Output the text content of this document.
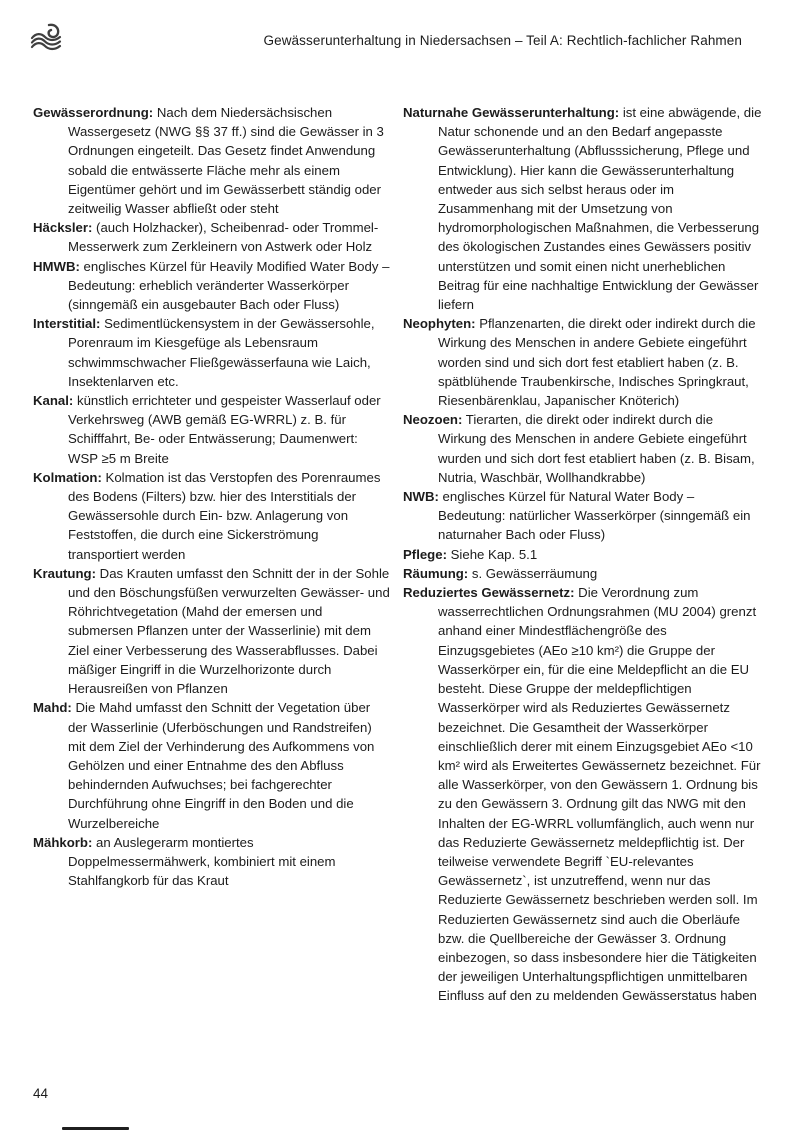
Gewässerunterhaltung in Niedersachsen – Teil A: Rechtlich-fachlicher Rahmen

Gewässerordnung: Nach dem Niedersächsischen Wassergesetz (NWG §§ 37 ff.) sind die Gewässer in 3 Ordnungen eingeteilt. Das Gesetz findet Anwendung sobald die entwässerte Fläche mehr als einem Eigentümer gehört und im Gewässerbett ständig oder zeitweilig Wasser abfließt oder steht

Häcksler: (auch Holzhacker), Scheibenrad- oder Trommel-Messerwerk zum Zerkleinern von Astwerk oder Holz

HMWB: englisches Kürzel für Heavily Modified Water Body – Bedeutung: erheblich veränderter Wasserkörper (sinngemäß ein ausgebauter Bach oder Fluss)

Interstitial: Sedimentlückensystem in der Gewässersohle, Porenraum im Kiesgefüge als Lebensraum schwimmschwacher Fließgewässerfauna wie Laich, Insektenlarven etc.

Kanal: künstlich errichteter und gespeister Wasserlauf oder Verkehrsweg (AWB gemäß EG-WRRL) z. B. für Schifffahrt, Be- oder Entwässerung; Daumenwert: WSP ≥5 m Breite

Kolmation: Kolmation ist das Verstopfen des Porenraumes des Bodens (Filters) bzw. hier des Interstitials der Gewässersohle durch Ein- bzw. Anlagerung von Feststoffen, die durch eine Sickerströmung transportiert werden

Krautung: Das Krauten umfasst den Schnitt der in der Sohle und den Böschungsfüßen verwurzelten Gewässer- und Röhrichtvegetation (Mahd der emersen und submersen Pflanzen unter der Wasserlinie) mit dem Ziel einer Verbesserung des Wasserabflusses. Dabei mäßiger Eingriff in die Wurzelhorizonte durch Herausreißen von Pflanzen

Mahd: Die Mahd umfasst den Schnitt der Vegetation über der Wasserlinie (Uferböschungen und Randstreifen) mit dem Ziel der Verhinderung des Aufkommens von Gehölzen und einer Entnahme des den Abfluss behindernden Aufwuchses; bei fachgerechter Durchführung ohne Eingriff in den Boden und die Wurzelbereiche

Mähkorb: an Auslegerarm montiertes Doppelmessermähwerk, kombiniert mit einem Stahlfangkorb für das Kraut

Naturnahe Gewässerunterhaltung: ist eine abwägende, die Natur schonende und an den Bedarf angepasste Gewässerunterhaltung (Abflusssicherung, Pflege und Entwicklung). Hier kann die Gewässerunterhaltung entweder aus sich selbst heraus oder im Zusammenhang mit der Umsetzung von hydromorphologischen Maßnahmen, die Verbesserung des ökologischen Zustandes eines Gewässers positiv unterstützen und somit einen nicht unerheblichen Beitrag für eine nachhaltige Entwicklung der Gewässer liefern

Neophyten: Pflanzenarten, die direkt oder indirekt durch die Wirkung des Menschen in andere Gebiete eingeführt worden sind und sich dort fest etabliert haben (z. B. spätblühende Traubenkirsche, Indisches Springkraut, Riesenbärenklau, Japanischer Knöterich)

Neozoen: Tierarten, die direkt oder indirekt durch die Wirkung des Menschen in andere Gebiete eingeführt wurden und sich dort fest etabliert haben (z. B. Bisam, Nutria, Waschbär, Wollhandkrabbe)

NWB: englisches Kürzel für Natural Water Body – Bedeutung: natürlicher Wasserkörper (sinngemäß ein naturnaher Bach oder Fluss)

Pflege: Siehe Kap. 5.1

Räumung: s. Gewässerräumung

Reduziertes Gewässernetz: Die Verordnung zum wasserrechtlichen Ordnungsrahmen (MU 2004) grenzt anhand einer Mindestflächengröße des Einzugsgebietes (AEo ≥10 km²) die Gruppe der Wasserkörper ein, für die eine Meldepflicht an die EU besteht. Diese Gruppe der meldepflichtigen Wasserkörper wird als Reduziertes Gewässernetz bezeichnet. Die Gesamtheit der Wasserkörper einschließlich derer mit einem Einzugsgebiet AEo <10 km² wird als Erweitertes Gewässernetz bezeichnet. Für alle Wasserkörper, von den Gewässern 1. Ordnung bis zu den Gewässern 3. Ordnung gilt das NWG mit den Inhalten der EG-WRRL vollumfänglich, auch wenn nur das Reduzierte Gewässernetz meldepflichtig ist. Der teilweise verwendete Begriff `EU-relevantes Gewässernetz`, ist unzutreffend, wenn nur das Reduzierte Gewässernetz beschrieben werden soll. Im Reduzierten Gewässernetz sind auch die Oberläufe bzw. die Quellbereiche der Gewässer 3. Ordnung einbezogen, so dass insbesondere hier die Tätigkeiten der jeweiligen Unterhaltungspflichtigen unmittelbaren Einfluss auf den zu meldenden Gewässerstatus haben

44
